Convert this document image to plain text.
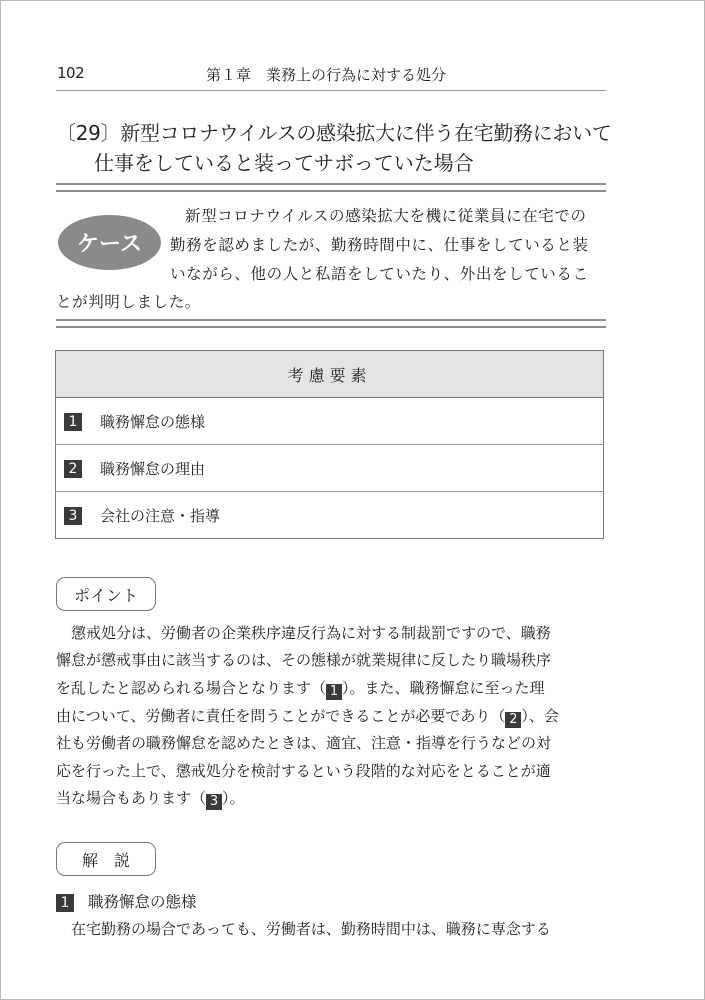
102	第１章　業務上の行為に対する処分
〔29〕新型コロナウイルスの感染拡大に伴う在宅勤務において
仕事をしていると装ってサボっていた場合
ケース
新型コロナウイルスの感染拡大を機に従業員に在宅での
勤務を認めましたが、勤務時間中に、仕事をしていると装
いながら、他の人と私語をしていたり、外出をしているこ
とが判明しました。
考慮要素
1 職務懈怠の態様
2 職務懈怠の理由
3 会社の注意・指導
ポイント
懲戒処分は、労働者の企業秩序違反行為に対する制裁罰ですので、職務
懈怠が懲戒事由に該当するのは、その態様が就業規律に反したり職場秩序
を乱したと認められる場合となります（ 1 ）。また、職務懈怠に至った理
由について、労働者に責任を問うことができることが必要であり（ 2 ）、会
社も労働者の職務懈怠を認めたときは、適宜、注意・指導を行うなどの対
応を行った上で、懲戒処分を検討するという段階的な対応をとることが適
当な場合もあります（ 3 ）。
解　説
1 職務懈怠の態様
在宅勤務の場合であっても、労働者は、勤務時間中は、職務に専念する
